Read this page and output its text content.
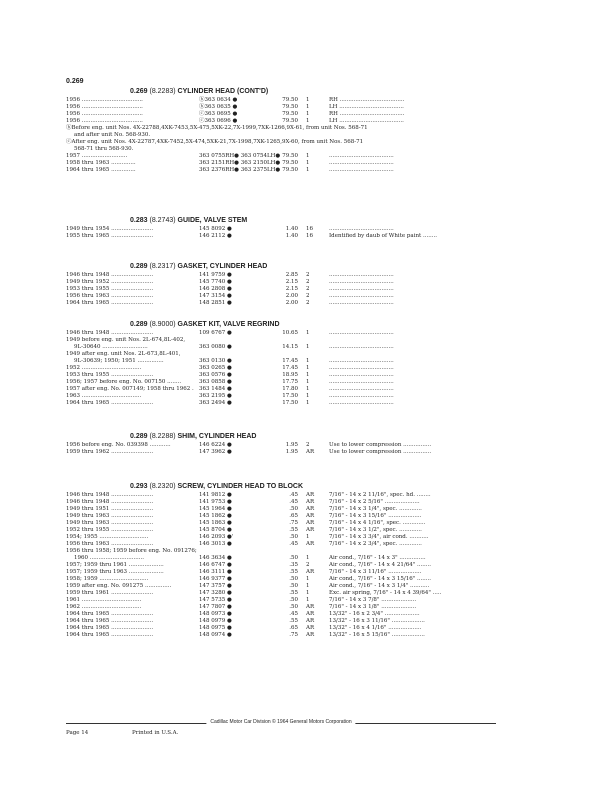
0.269
0.269 (8.2283) CYLINDER HEAD (CONT'D)
1956 ...................................	ⓑ363 0634 ●	79.50 1	RH .....................................
1956 ...................................	ⓑ363 0635 ●	79.50 1	LH .....................................
1956 ...................................	ⓒ363 0695 ●	79.50 1	RH .....................................
1956 ...................................	ⓒ363 0696 ●	79.50 1	LH .....................................
ⓑBefore eng. unit Nos. 4X-22788,4XK-7453,5X-475,5XK-22,7X-1999,7XK-1266,9X-61, from unit Nos. 568-71
and after unit No. 568-930.
ⓒAfter eng. unit Nos. 4X-22787,4XK-7452,5X-474,5XK-21,7X-1998,7XK-1265,9X-60, from unit Nos. 568-71
568-71 thru 568-930.
1957 ..........................	363 0755RH● 363 0754LH● 79.50 1	.....................................
1958 thru 1963 ..............	363 2151RH● 363 2150LH● 79.50 1	.....................................
1964 thru 1965 ..............	363 2376RH● 363 2375LH● 79.50 1	.....................................
0.283 (8.2743) GUIDE, VALVE STEM
1949 thru 1954 ........................	145 8092 ●	1.40 16	.....................................
1955 thru 1965 ........................	146 2112 ●	1.40 16	Identified by daub of White paint ........
0.289 (8.2317) GASKET, CYLINDER HEAD
1946 thru 1948 ........................	141 9759 ●	2.85 2	.....................................
1949 thru 1952 ........................	145 7740 ●	2.15 2	.....................................
1953 thru 1955 ........................	146 2808 ●	2.15 2	.....................................
1956 thru 1963 ........................	147 3154 ●	2.00 2	.....................................
1964 thru 1965 ........................	148 2851 ●	2.00 2	.....................................
0.289 (8.9000) GASKET KIT, VALVE REGRIND
1946 thru 1948 ........................	109 6767 ●	10.65 1	.....................................
1949 before eng. unit Nos. 2L-674,8L-402,
9L-30640 ..........................	363 0080 ●	14.15 1	.....................................
1949 after eng. unit Nos. 2L-673,8L-401,
9L-30639; 1950; 1951 ...............	363 0130 ●	17.45 1	.....................................
1952 ..................................	363 0265 ●	17.45 1	.....................................
1953 thru 1955 ........................	363 0576 ●	18.95 1	.....................................
1956; 1957 before eng. No. 007150 ........	363 0858 ●	17.75 1	.....................................
1957 after eng. No. 007149; 1958 thru 1962 . 363 1484 ●	17.80 1	.....................................
1963 ..................................	363 2195 ●	17.50 1	.....................................
1964 thru 1965 ........................	363 2494 ●	17.50 1	.....................................
0.289 (8.2288) SHIM, CYLINDER HEAD
1956 before eng. No. 039398 ............	146 6224 ●	1.95 2	Use to lower compression ................
1959 thru 1962 ........................	147 3962 ●	1.95 AR	Use to lower compression ................
0.293 (8.2320) SCREW, CYLINDER HEAD TO BLOCK
1946 thru 1948 ........................	141 9812 ●	.45 AR	7/16" - 14 x 2 11/16", spec. hd. ........
1946 thru 1948 ........................	141 9753 ●	.45 AR	7/16" - 14 x 2 5/16" ....................
1949 thru 1951 ........................	145 1964 ●	.50 AR	7/16" - 14 x 3 1/4", spec. .............
1949 thru 1963 ........................	145 1862 ●	.65 AR	7/16" - 14 x 3 15/16" ...................
1949 thru 1963 ........................	145 1863 ●	.75 AR	7/16" - 14 x 4 1/16", spec. .............
1952 thru 1955 ........................	145 8704 ●	.55 AR	7/16" - 14 x 3 1/2", spec. .............
1954; 1955 ............................	146 2093 ●'	.50 1	7/16" - 14 x 3 3/4", air cond. ...........
1956 thru 1963 ........................	146 3013 ●	.45 AR	7/16" - 14 x 2 3/4", spec. .............
1956 thru 1958; 1959 before eng. No. 091276;
1960 ...............................	146 3634 ●	.50 1	Air cond., 7/16" - 14 x 3" ...............
1957; 1959 thru 1961 ....................	146 6747 ●	.35 2	Air cond., 7/16" - 14 x 4 21/64" ........
1957; 1959 thru 1963 ....................	146 3111 ●	.55 AR	7/16" - 14 x 3 11/16" ...................
1958; 1959 ............................	146 9377 ●	.50 1	Air cond., 7/16" - 14 x 3 15/16" ........
1959 after eng. No. 091275 ...............	147 3757 ●	.50 1	Air cond., 7/16" - 14 x 3 1/4" ...........
1959 thru 1961 ........................	147 3280 ●	.55 1	Exc. air spring, 7/16" - 14 x 4 39/64" .....
1961 ..................................	147 5735 ●	.50 1	7/16" - 14 x 3 7/8" ....................
1962 ..................................	147 7807 ●	.50 AR	7/16" - 14 x 3 1/8" ....................
1964 thru 1965 ........................	148 0973 ●	.45 AR	13/32" - 16 x 2 3/4" ....................
1964 thru 1965 ........................	148 0979 ●	.55 AR	13/32" - 16 x 3 11/16" ...................
1964 thru 1965 ........................	148 0975 ●	.65 AR	13/32" - 16 x 4 1/16" ...................
1964 thru 1965 ........................	148 0974 ●	.75 AR	13/32" - 16 x 5 15/16" ...................
Cadillac Motor Car Division © 1964 General Motors Corporation
Page 14	Printed in U.S.A.
